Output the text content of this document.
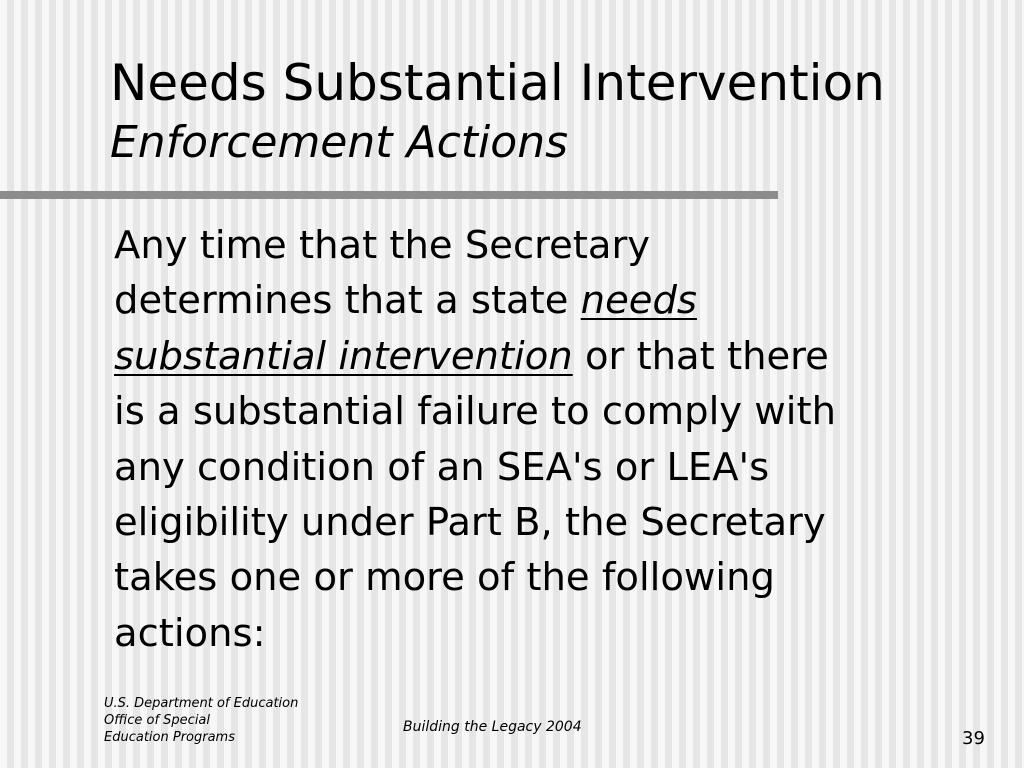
Needs Substantial Intervention
Enforcement Actions
Any time that the Secretary
determines that a state needs
substantial intervention or that there
is a substantial failure to comply with
any condition of an SEA's or LEA's
eligibility under Part B, the Secretary
takes one or more of the following
actions:
U.S. Department of Education
Office of Special
Education Programs
Building the Legacy 2004
39
